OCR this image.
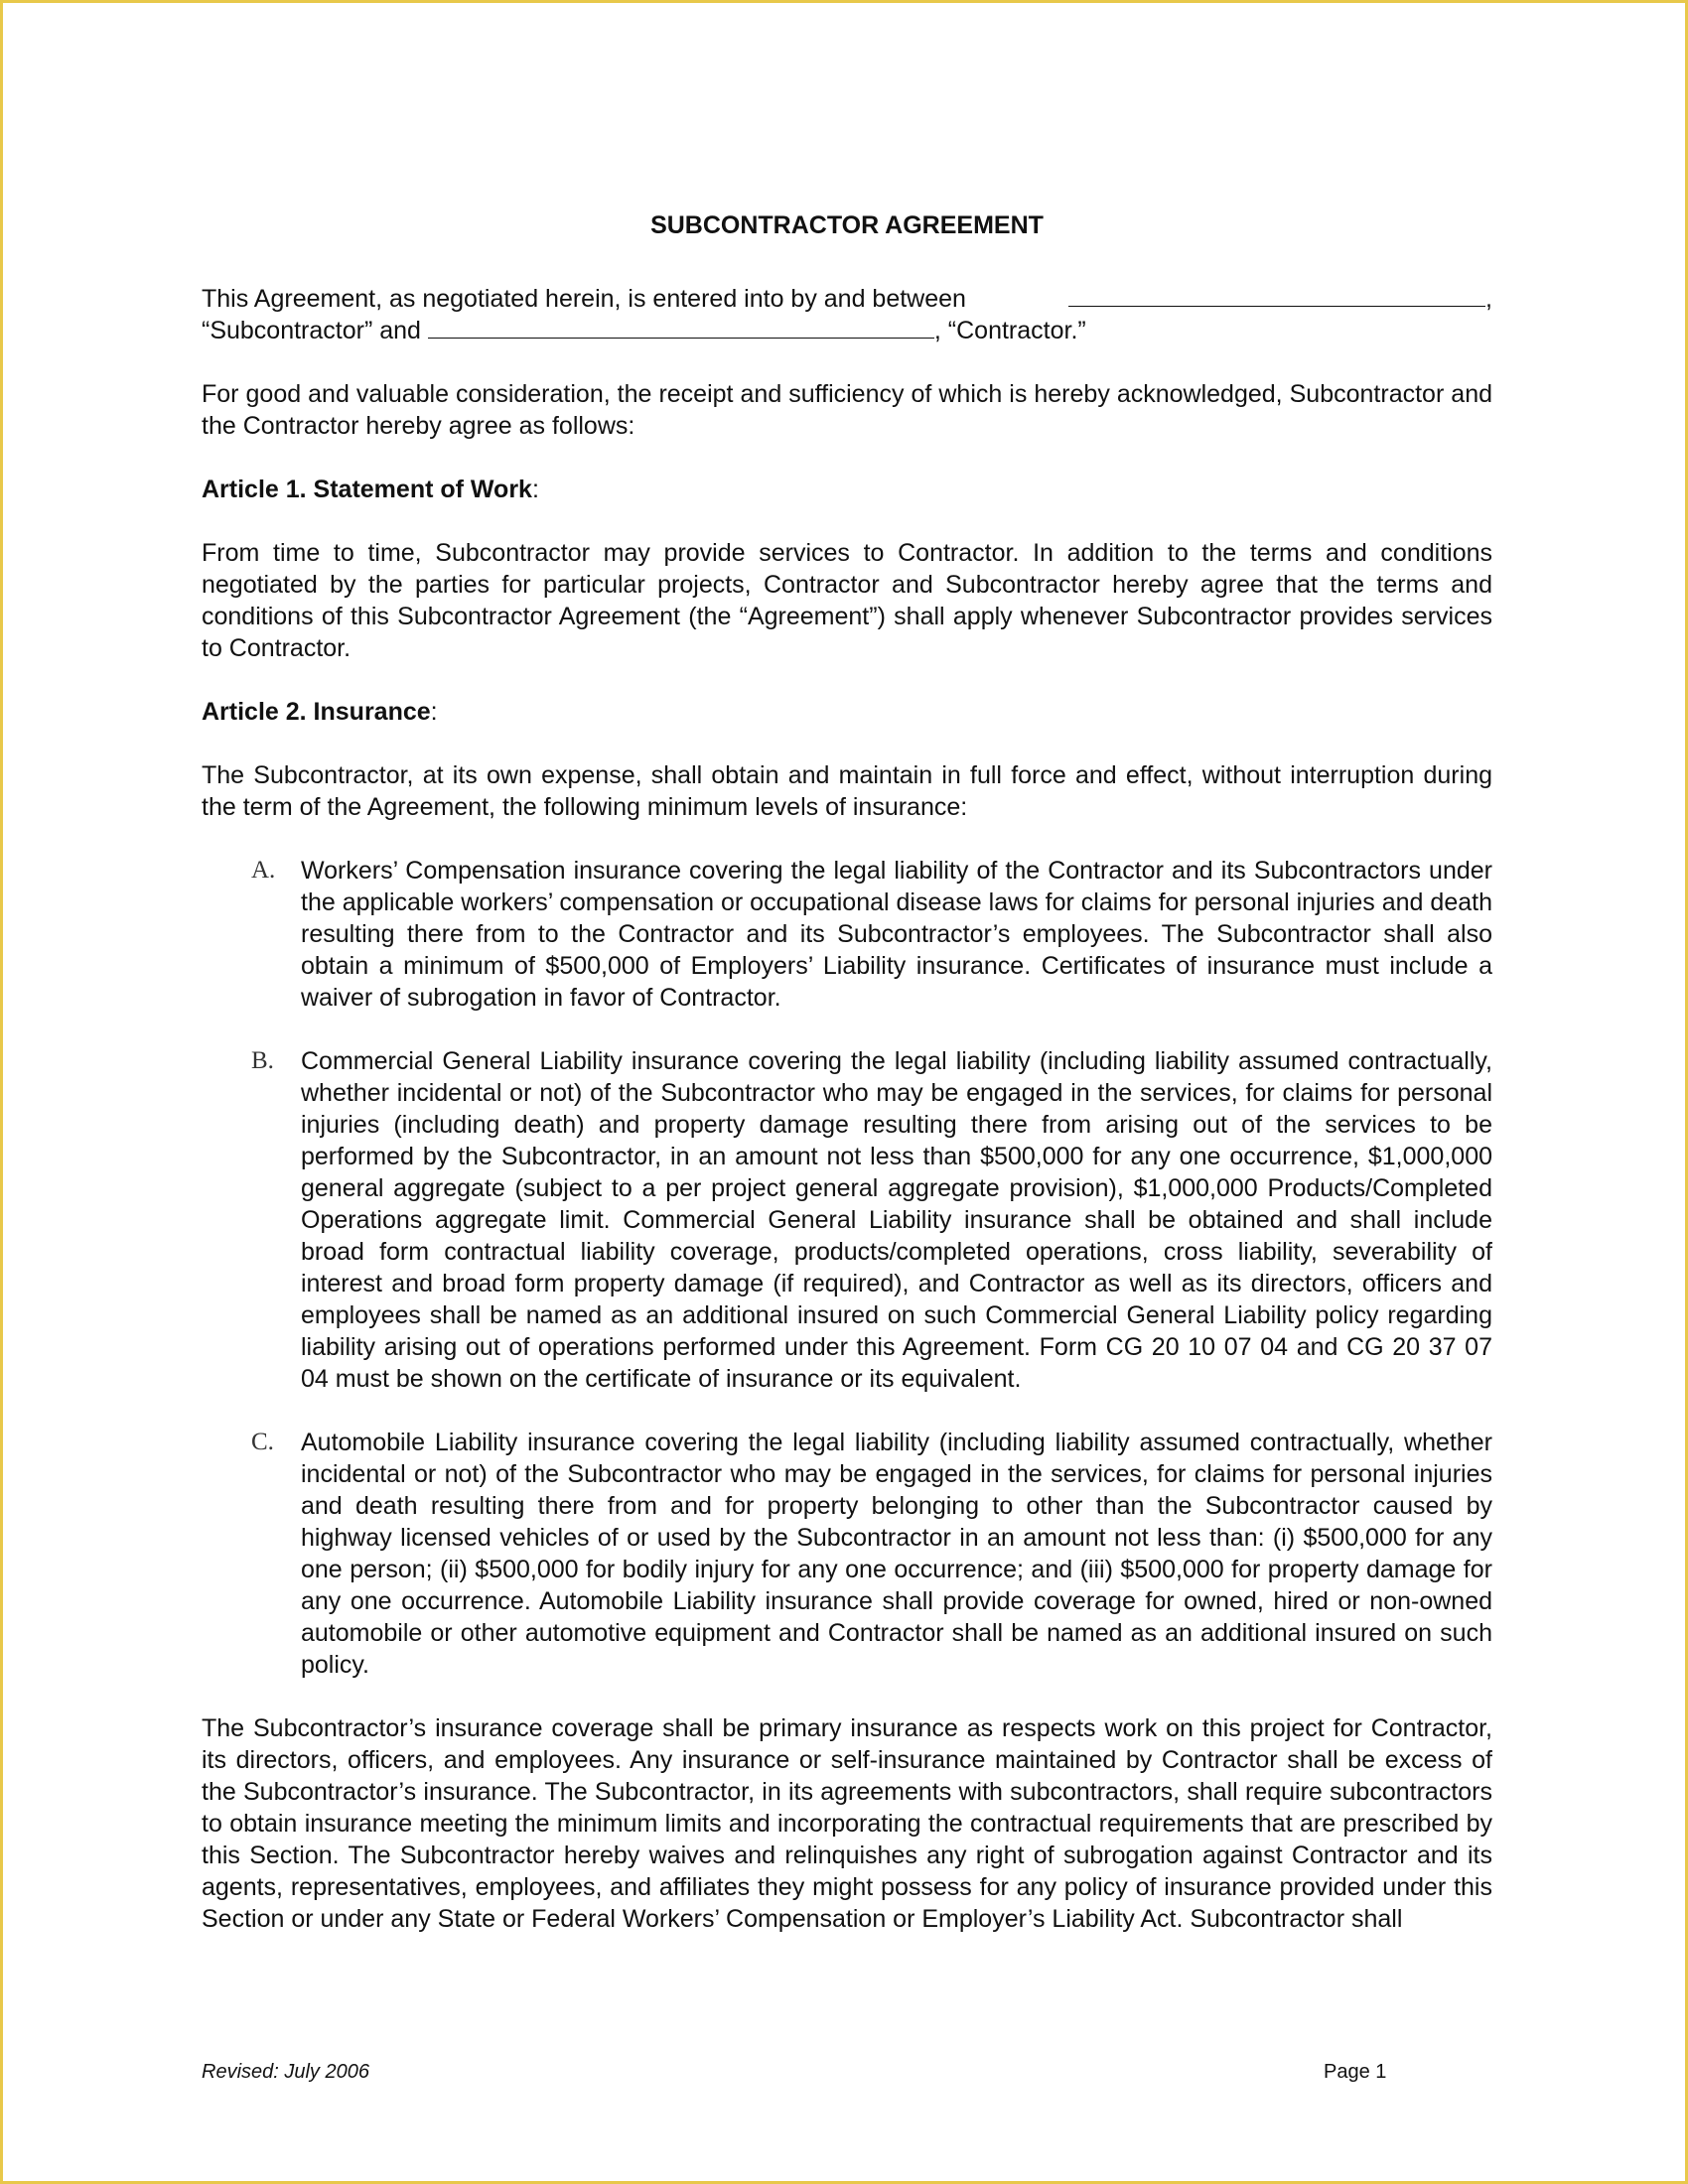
SUBCONTRACTOR AGREEMENT
This Agreement, as negotiated herein, is entered into by and between	,
“Subcontractor” and	, “Contractor.”

For good and valuable consideration, the receipt and sufficiency of which is hereby acknowledged, Subcontractor and the Contractor hereby agree as follows:

Article 1. Statement of Work:

From time to time, Subcontractor may provide services to Contractor. In addition to the terms and conditions negotiated by the parties for particular projects, Contractor and Subcontractor hereby agree that the terms and conditions of this Subcontractor Agreement (the “Agreement”) shall apply whenever Subcontractor provides services to Contractor.

Article 2. Insurance:

The Subcontractor, at its own expense, shall obtain and maintain in full force and effect, without interruption during the term of the Agreement, the following minimum levels of insurance:

A.	Workers’ Compensation insurance covering the legal liability of the Contractor and its Subcontractors under the applicable workers’ compensation or occupational disease laws for claims for personal injuries and death resulting there from to the Contractor and its Subcontractor’s employees. The Subcontractor shall also obtain a minimum of $500,000 of Employers’ Liability insurance. Certificates of insurance must include a waiver of subrogation in favor of Contractor.
B.	Commercial General Liability insurance covering the legal liability (including liability assumed contractually, whether incidental or not) of the Subcontractor who may be engaged in the services, for claims for personal injuries (including death) and property damage resulting there from arising out of the services to be performed by the Subcontractor, in an amount not less than $500,000 for any one occurrence, $1,000,000 general aggregate (subject to a per project general aggregate provision), $1,000,000 Products/Completed Operations aggregate limit. Commercial General Liability insurance shall be obtained and shall include broad form contractual liability coverage, products/completed operations, cross liability, severability of interest and broad form property damage (if required), and Contractor as well as its directors, officers and employees shall be named as an additional insured on such Commercial General Liability policy regarding liability arising out of operations performed under this Agreement. Form CG 20 10 07 04 and CG 20 37 07 04 must be shown on the certificate of insurance or its equivalent.
C.	Automobile Liability insurance covering the legal liability (including liability assumed contractually, whether incidental or not) of the Subcontractor who may be engaged in the services, for claims for personal injuries and death resulting there from and for property belonging to other than the Subcontractor caused by highway licensed vehicles of or used by the Subcontractor in an amount not less than: (i) $500,000 for any one person; (ii) $500,000 for bodily injury for any one occurrence; and (iii) $500,000 for property damage for any one occurrence. Automobile Liability insurance shall provide coverage for owned, hired or non-owned automobile or other automotive equipment and Contractor shall be named as an additional insured on such policy.

The Subcontractor’s insurance coverage shall be primary insurance as respects work on this project for Contractor, its directors, officers, and employees. Any insurance or self-insurance maintained by Contractor shall be excess of the Subcontractor’s insurance. The Subcontractor, in its agreements with subcontractors, shall require subcontractors to obtain insurance meeting the minimum limits and incorporating the contractual requirements that are prescribed by this Section. The Subcontractor hereby waives and relinquishes any right of subrogation against Contractor and its agents, representatives, employees, and affiliates they might possess for any policy of insurance provided under this Section or under any State or Federal Workers’ Compensation or Employer’s Liability Act. Subcontractor shall

Revised: July 2006	Page 1
